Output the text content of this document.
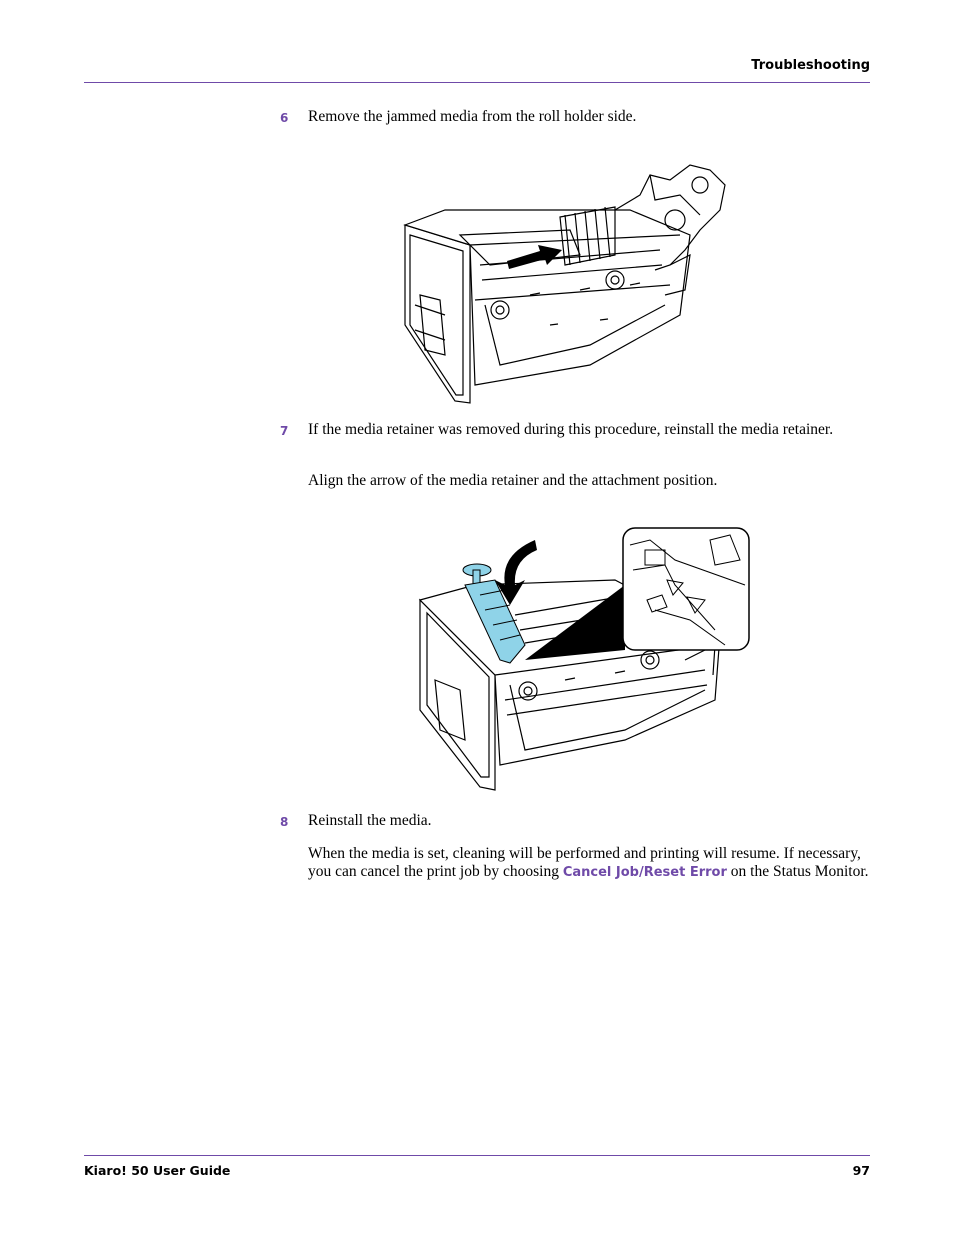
Troubleshooting
6 Remove the jammed media from the roll holder side.
7 If the media retainer was removed during this procedure, reinstall the media retainer.
Align the arrow of the media retainer and the attachment position.
8 Reinstall the media.
When the media is set, cleaning will be performed and printing will resume. If necessary, you can cancel the print job by choosing Cancel Job/Reset Error on the Status Monitor.
Kiaro! 50 User Guide	97
